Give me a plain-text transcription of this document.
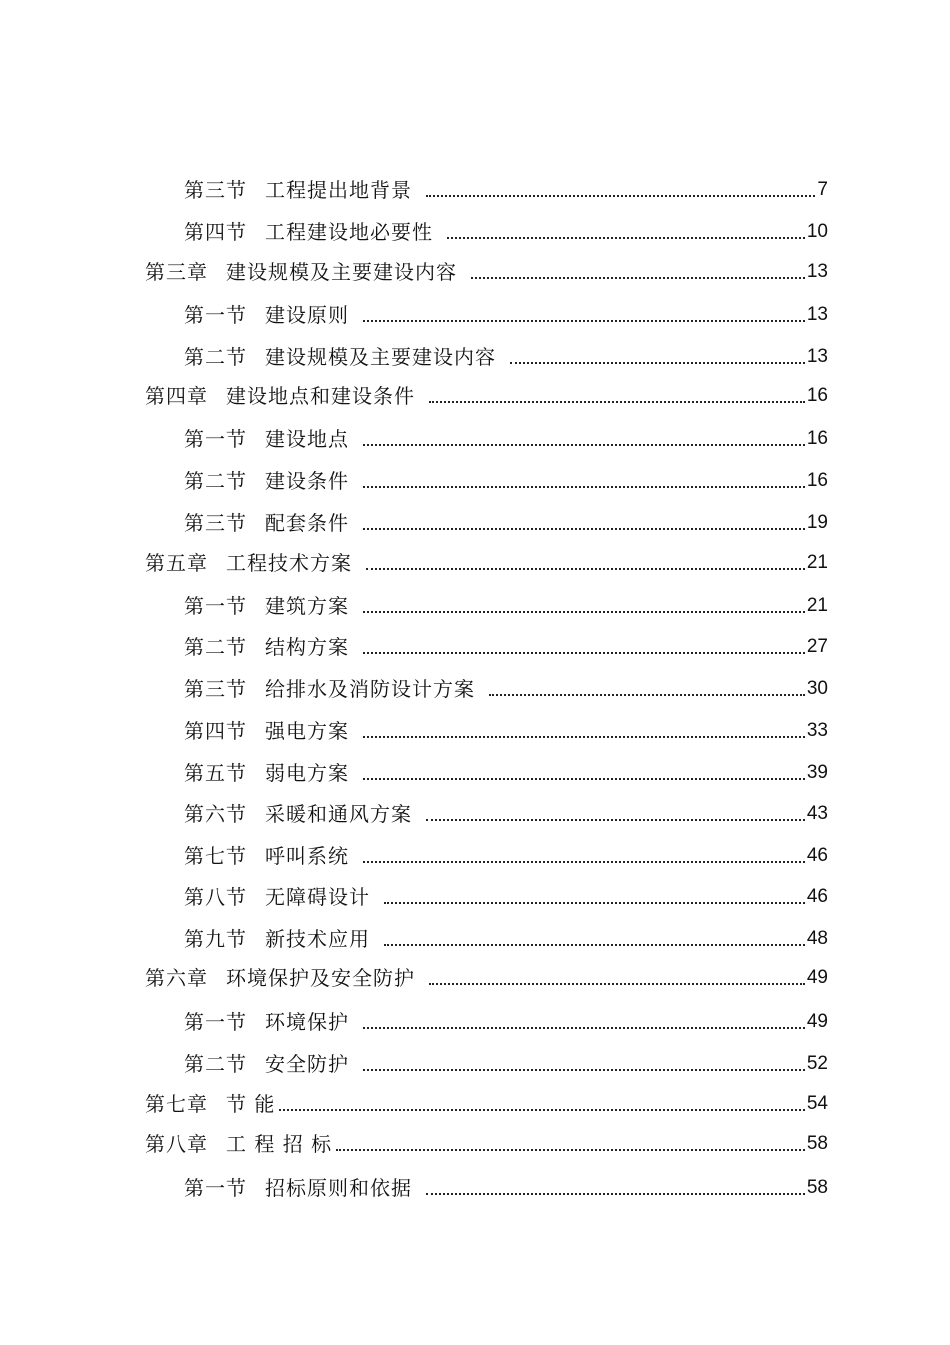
第三节 工程提出地背景	7
第四节 工程建设地必要性	10
第三章 建设规模及主要建设内容	13
第一节 建设原则	13
第二节 建设规模及主要建设内容	13
第四章 建设地点和建设条件	16
第一节 建设地点	16
第二节 建设条件	16
第三节 配套条件	19
第五章 工程技术方案	21
第一节 建筑方案	21
第二节 结构方案	27
第三节 给排水及消防设计方案	30
第四节 强电方案	33
第五节 弱电方案	39
第六节 采暖和通风方案	43
第七节 呼叫系统	46
第八节 无障碍设计	46
第九节 新技术应用	48
第六章 环境保护及安全防护	49
第一节 环境保护	49
第二节 安全防护	52
第七章 节 能	54
第八章 工 程 招 标	58
第一节 招标原则和依据	58
